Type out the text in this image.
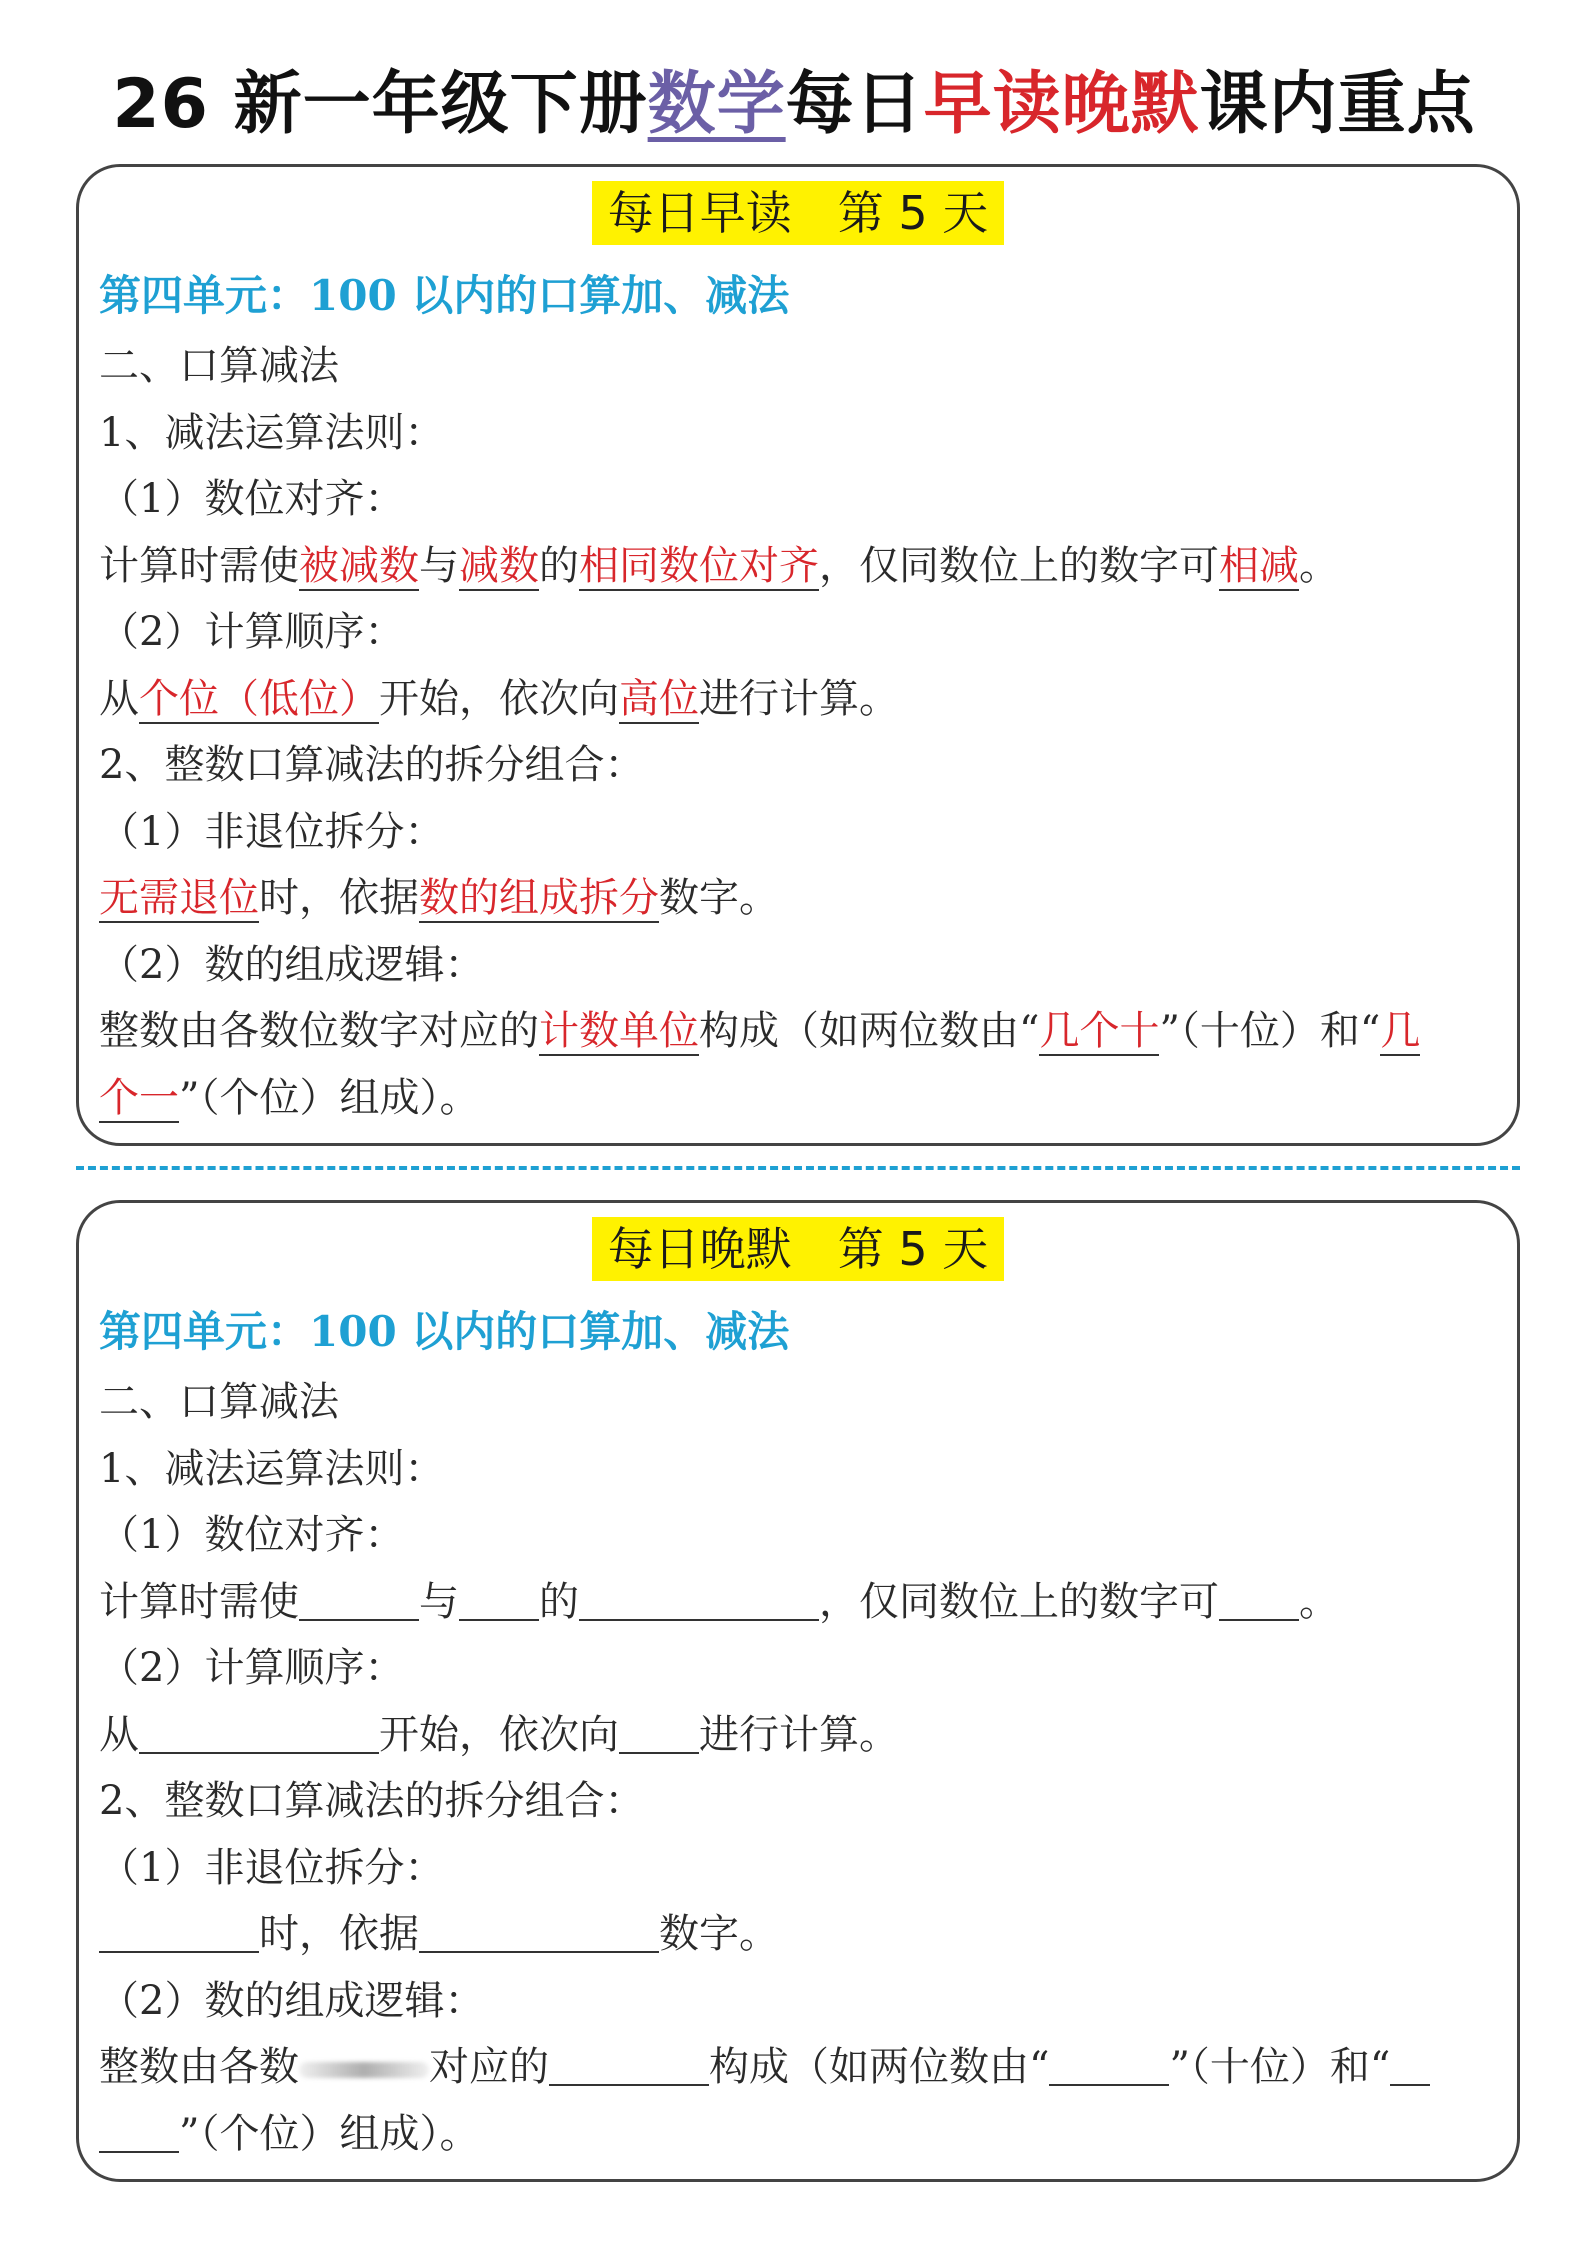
26 新一年级下册数学每日早读晚默课内重点
每日早读　第 5 天
第四单元：100 以内的口算加、减法
二、口算减法
1、减法运算法则：
（1）数位对齐：
计算时需使被减数与减数的相同数位对齐，仅同数位上的数字可相减。
（2）计算顺序：
从个位（低位）开始，依次向高位进行计算。
2、整数口算减法的拆分组合：
（1）非退位拆分：
无需退位时，依据数的组成拆分数字。
（2）数的组成逻辑：
整数由各数位数字对应的计数单位构成（如两位数由“几个十”（十位）和“几
个一”（个位）组成）。
每日晚默　第 5 天
第四单元：100 以内的口算加、减法
二、口算减法
1、减法运算法则：
（1）数位对齐：
计算时需使	与 的	，仅同数位上的数字可 。
（2）计算顺序：
从	开始，依次向 进行计算。
2、整数口算减法的拆分组合：
（1）非退位拆分：
时，依据	数字。
（2）数的组成逻辑：
整数由各数	对应的	构成（如两位数由“	”（十位）和“
”（个位）组成）。
